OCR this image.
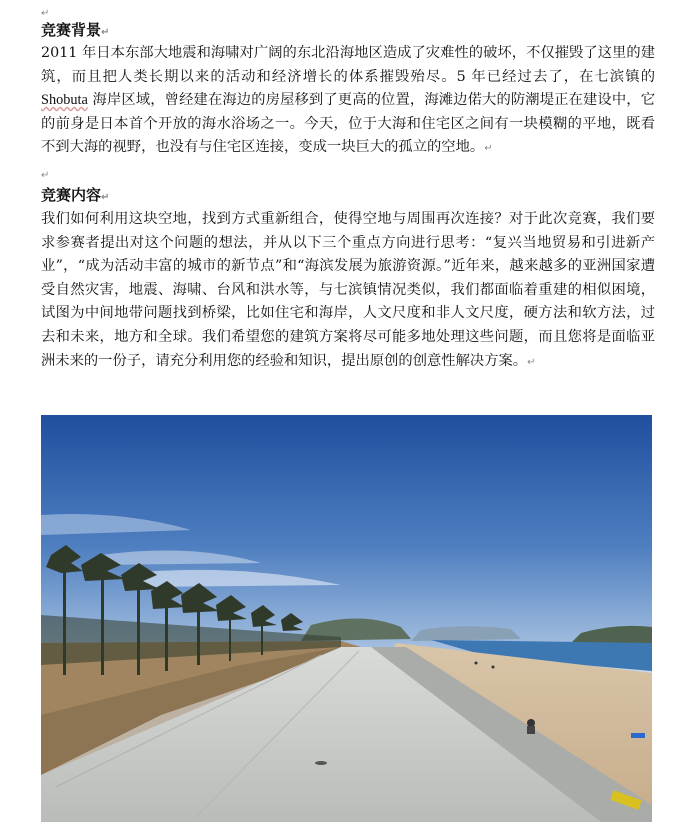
↵
竞赛背景↵

2011 年日本东部大地震和海啸对广阔的东北沿海地区造成了灾难性的破坏，不仅摧毁了这里的建筑，而且把人类长期以来的活动和经济增长的体系摧毁殆尽。5 年已经过去了，在七滨镇的 Shobuta 海岸区域，曾经建在海边的房屋移到了更高的位置，海滩边偌大的防潮堤正在建设中，它的前身是日本首个开放的海水浴场之一。今天，位于大海和住宅区之间有一块模糊的平地，既看不到大海的视野，也没有与住宅区连接，变成一块巨大的孤立的空地。↵

↵
竞赛内容↵

我们如何利用这块空地，找到方式重新组合，使得空地与周围再次连接？对于此次竞赛，我们要求参赛者提出对这个问题的想法，并从以下三个重点方向进行思考：“复兴当地贸易和引进新产业”，“成为活动丰富的城市的新节点”和“海滨发展为旅游资源。”近年来，越来越多的亚洲国家遭受自然灾害，地震、海啸、台风和洪水等，与七滨镇情况类似，我们都面临着重建的相似困境，试图为中间地带问题找到桥梁，比如住宅和海岸，人文尺度和非人文尺度，硬方法和软方法，过去和未来，地方和全球。我们希望您的建筑方案将尽可能多地处理这些问题，而且您将是面临亚洲未来的一份子，请充分利用您的经验和知识，提出原创的创意性解决方案。↵
